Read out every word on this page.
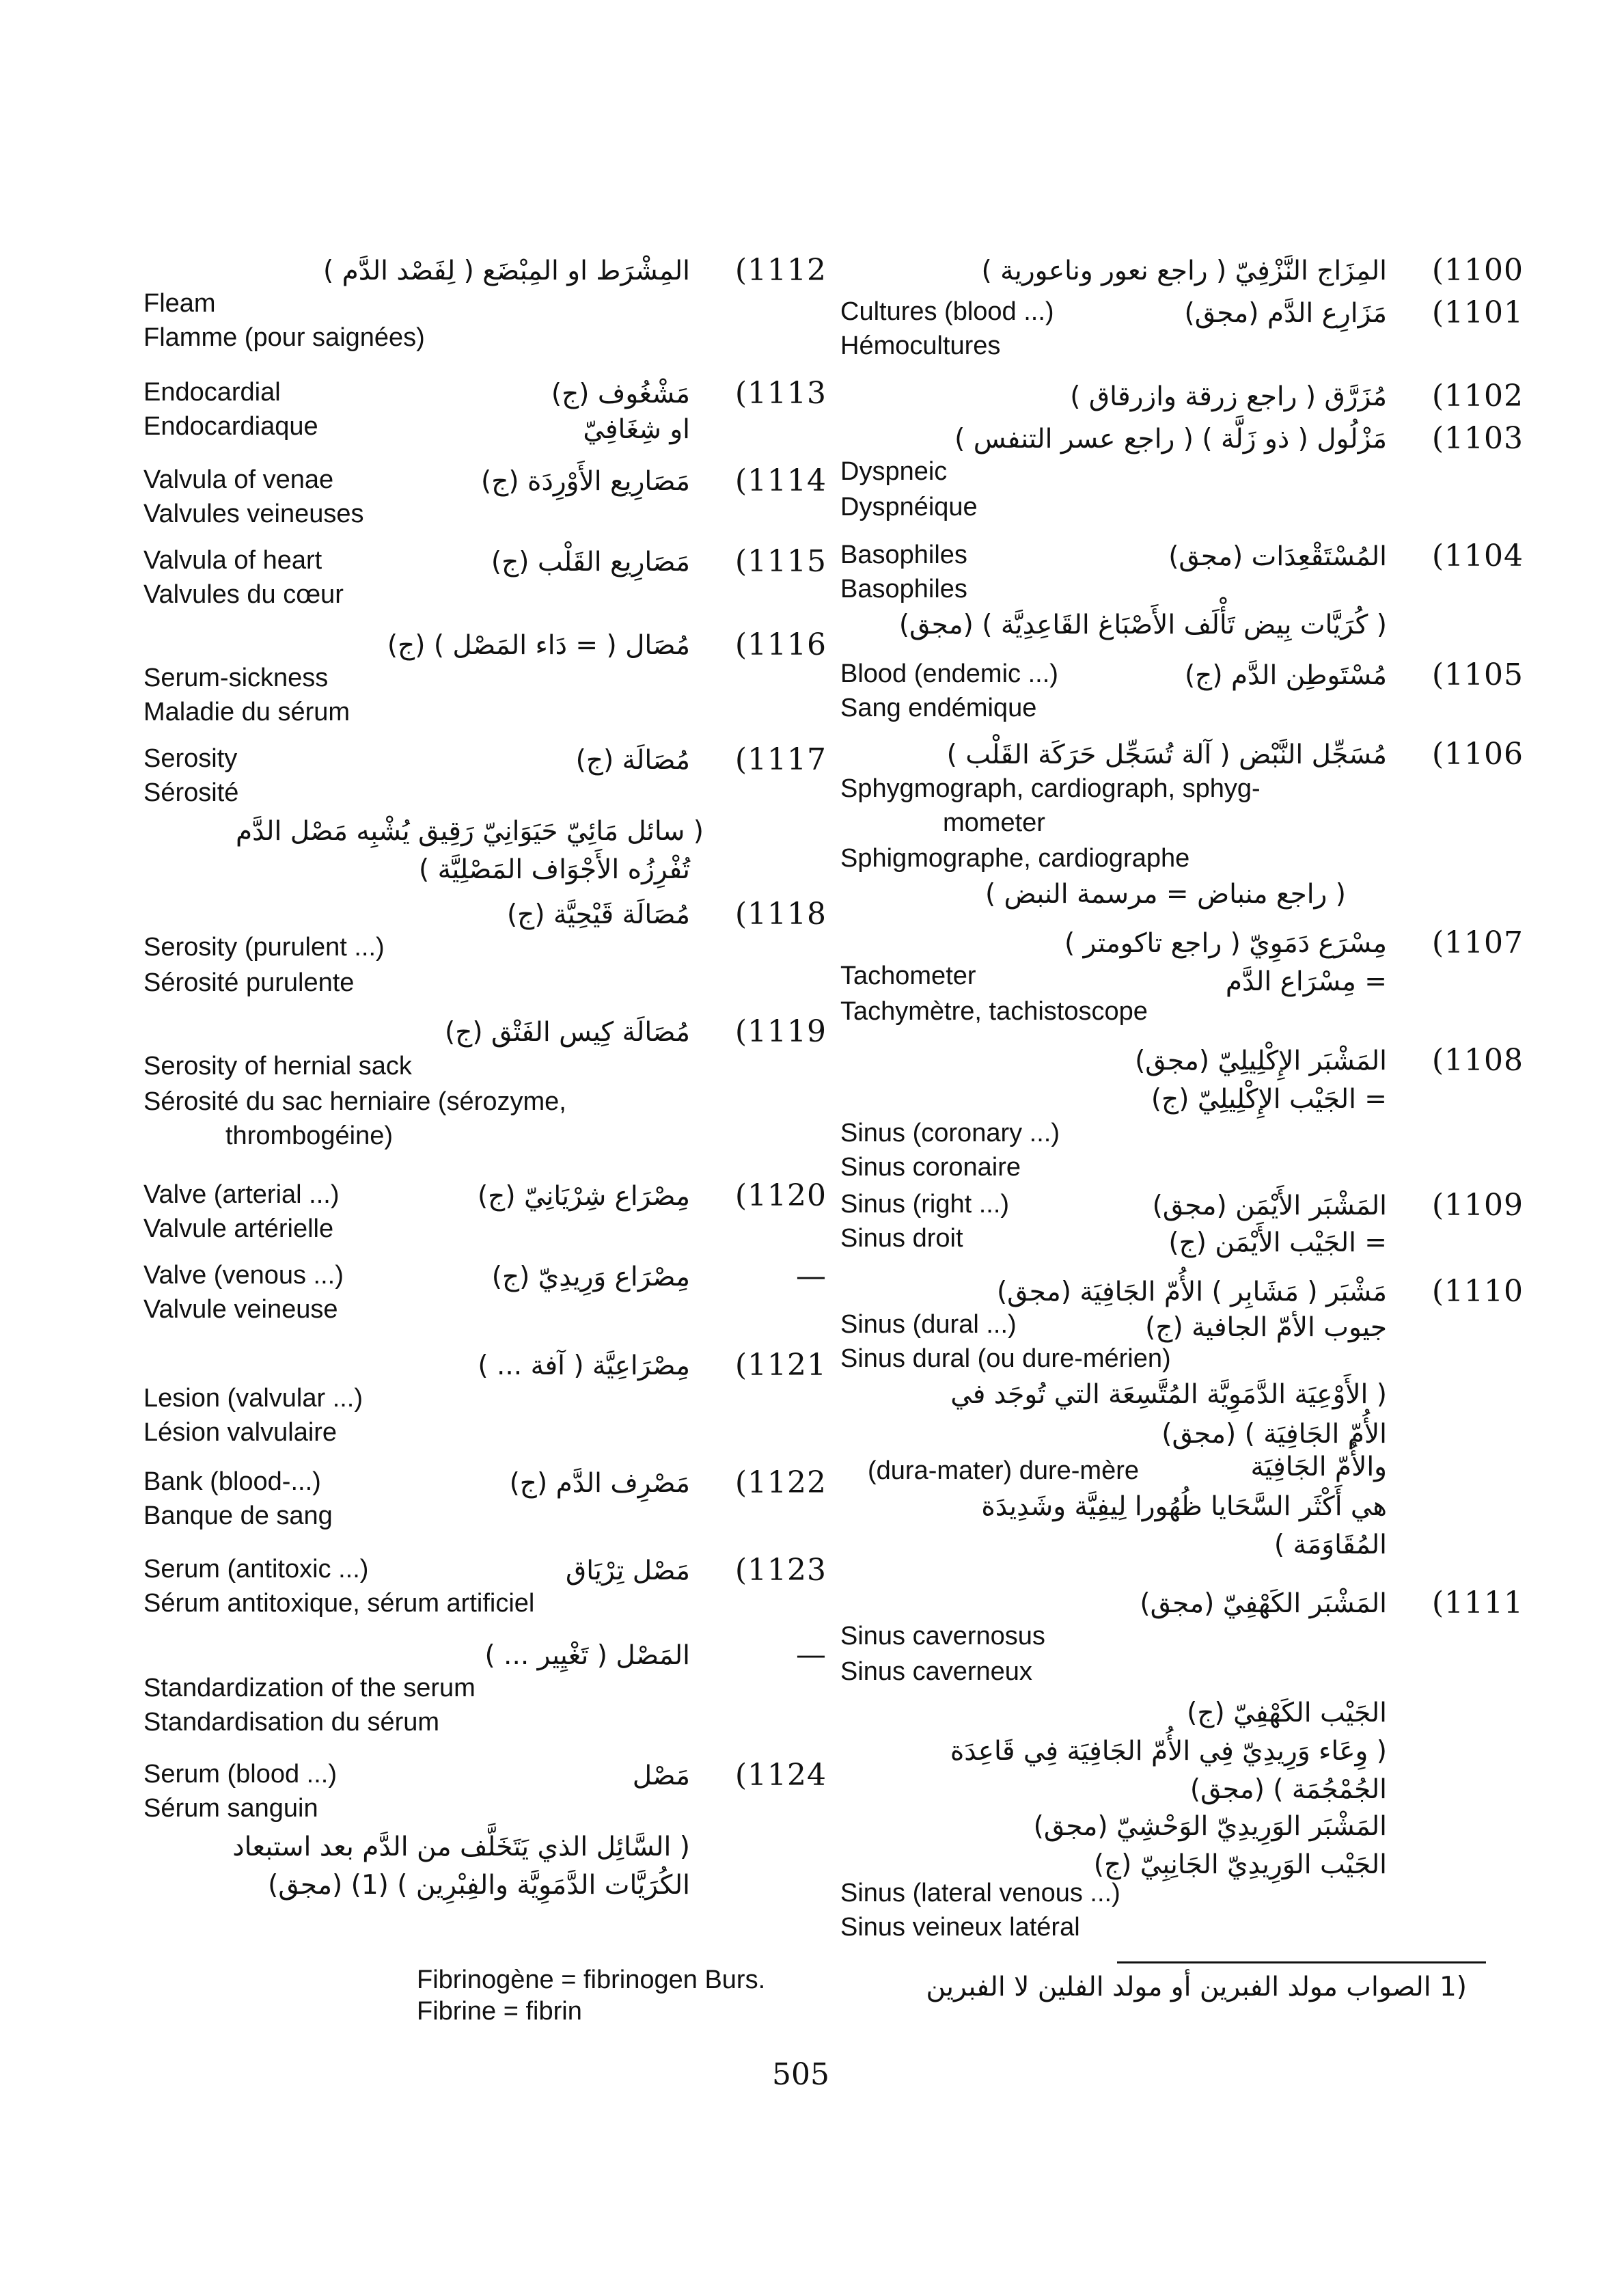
(1100
المِزَاج النَّزْفِيّ ( راجع نعور وناعورية )
(1101
مَزَارِع الدَّم (مجق)
Cultures (blood ...)
Hémocultures
(1102
مُزَرَّق ( راجع زرقة وازرقاق )
(1103
مَزْلُول ( ذو زَلَّة ) ( راجع عسر التنفس )
Dyspneic
Dyspnéique
(1104
المُسْتَقْعِدَات (مجق)
Basophiles
Basophiles
( كُرَيَّات بِيض تَأْلَف الأَصْبَاغ القَاعِدِيَّة ) (مجق)
(1105
مُسْتَوطِن الدَّم (ج)
Blood (endemic ...)
Sang endémique
(1106
مُسَجِّل النَّبْض ( آلة تُسَجِّل حَرَكَة القَلْب )
Sphygmograph, cardiograph, sphyg-
mometer
Sphigmographe, cardiographe
( راجع منباض = مرسمة النبض )
(1107
مِسْرَع دَمَوِيّ ( راجع تاكومتر )
= مِسْرَاع الدَّم
Tachometer
Tachymètre, tachistoscope
(1108
المَشْبَر الإِكْلِيلِيّ (مجق)
= الجَيْب الإِكْلِيلِيّ (ج)
Sinus (coronary ...)
Sinus coronaire
(1109
المَشْبَر الأَيْمَن (مجق)
= الجَيْب الأَيْمَن (ج)
Sinus (right ...)
Sinus droit
(1110
مَشْبَر ( مَشَابِر ) الأُمّ الجَافِيَة (مجق)
Sinus (dural ...)	جيوب الأمّ الجافية (ج)
Sinus dural (ou dure-mérien)
( الأَوْعِيَة الدَّمَوِيَّة المُتَّسِعَة التي تُوجَد في
الأُمّ الجَافِيَة ) (مجق)
(dura-mater) dure-mère	والأُمّ الجَافِيَة
هي أَكْثَر السَّحَايا ظُهُورا لِيفِيَّة وشَدِيدَة
المُقَاوَمَة )
(1111
المَشْبَر الكَهْفِيّ (مجق)
Sinus cavernosus
Sinus caverneux
الجَيْب الكَهْفِيّ (ج)
( وِعَاء وَرِيدِيّ فِي الأُمّ الجَافِيَة فِي قَاعِدَة
الجُمْجُمَة ) (مجق)
المَشْبَر الوَرِيدِيّ الوَحْشِيّ (مجق)
الجَيْب الوَرِيدِيّ الجَانِبِيّ (ج)
Sinus (lateral venous ...)
Sinus veineux latéral
(1112
المِشْرَط او المِبْضَع ( لِفَصْد الدَّم )
Fleam
Flamme (pour saignées)
(1113
مَشْغُوف (ج)
او شِغَافِيّ
Endocardial
Endocardiaque
(1114
مَصَارِيع الأَوْرِدَة (ج)
Valvula of venae
Valvules veineuses
(1115
مَصَارِيع القَلْب (ج)
Valvula of heart
Valvules du cœur
(1116
مُصَال ( = دَاء المَصْل ) (ج)
Serum-sickness
Maladie du sérum
(1117
مُصَالَة (ج)
Serosity
Sérosité
( سائل مَائِيّ حَيَوَانِيّ رَقِيق يُشْبِه مَصْل الدَّم
تُفْرِزُه الأَجْوَاف المَصْلِيَّة )
(1118
مُصَالَة قَيْحِيَّة (ج)
Serosity (purulent ...)
Sérosité purulente
(1119
مُصَالَة كِيس الفَتْق (ج)
Serosity of hernial sack
Sérosité du sac herniaire (sérozyme,
thrombogéine)
(1120
مِصْرَاع شِرْيَانِيّ (ج)
Valve (arterial ...)
Valvule artérielle
—
مِصْرَاع وَرِيدِيّ (ج)
Valve (venous ...)
Valvule veineuse
(1121
مِصْرَاعِيَّة ( آفة ... )
Lesion (valvular ...)
Lésion valvulaire
(1122
مَصْرِف الدَّم (ج)
Bank (blood-...)
Banque de sang
(1123
مَصْل تِرْيَاق
Serum (antitoxic ...)
Sérum antitoxique, sérum artificiel
—
المَصْل ( تَغْيِير ... )
Standardization of the serum
Standardisation du sérum
(1124
مَصْل
Serum (blood ...)
Sérum sanguin
( السَّائِل الذي يَتَخَلَّف من الدَّم بعد استبعاد
الكُرَيَّات الدَّمَوِيَّة والفِبْرِين ) (1) (مجق)
(1 الصواب مولد الفبرين أو مولد الفلين لا الفبرين
Fibrinogène = fibrinogen Burs.
Fibrine = fibrin
505
